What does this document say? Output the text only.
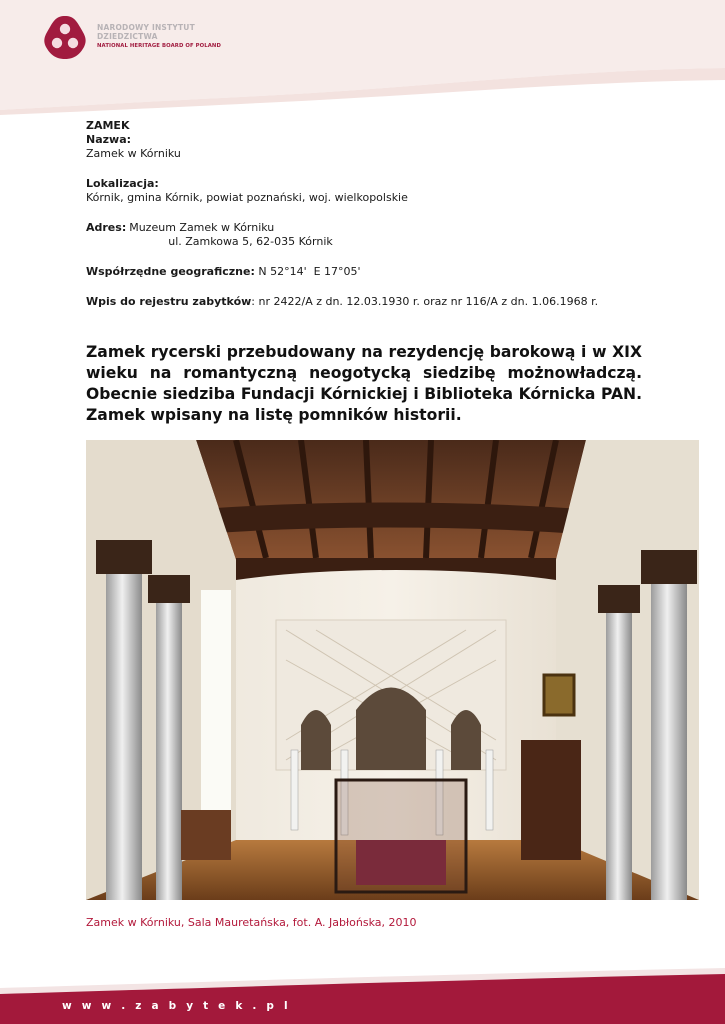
NARODOWY INSTYTUT
DZIEDZICTWA
NATIONAL HERITAGE BOARD OF POLAND
ZAMEK
Nazwa:
Zamek w Kórniku
Lokalizacja:
Kórnik, gmina Kórnik, powiat poznański, woj. wielkopolskie
Adres: Muzeum Zamek w Kórniku
ul. Zamkowa 5, 62-035 Kórnik
Współrzędne geograficzne: N 52°14'  E 17°05'
Wpis do rejestru zabytków: nr 2422/A z dn. 12.03.1930 r. oraz nr 116/A z dn. 1.06.1968 r.
Zamek rycerski przebudowany na rezydencję barokową i w XIX wieku na romantyczną neogotycką siedzibę możnowładczą. Obecnie siedziba Fundacji Kórnickiej i Biblioteka Kórnicka PAN. Zamek wpisany na listę pomników historii.
Zamek w Kórniku, Sala Mauretańska, fot. A. Jabłońska, 2010
w w w . z a b y t e k . p l
